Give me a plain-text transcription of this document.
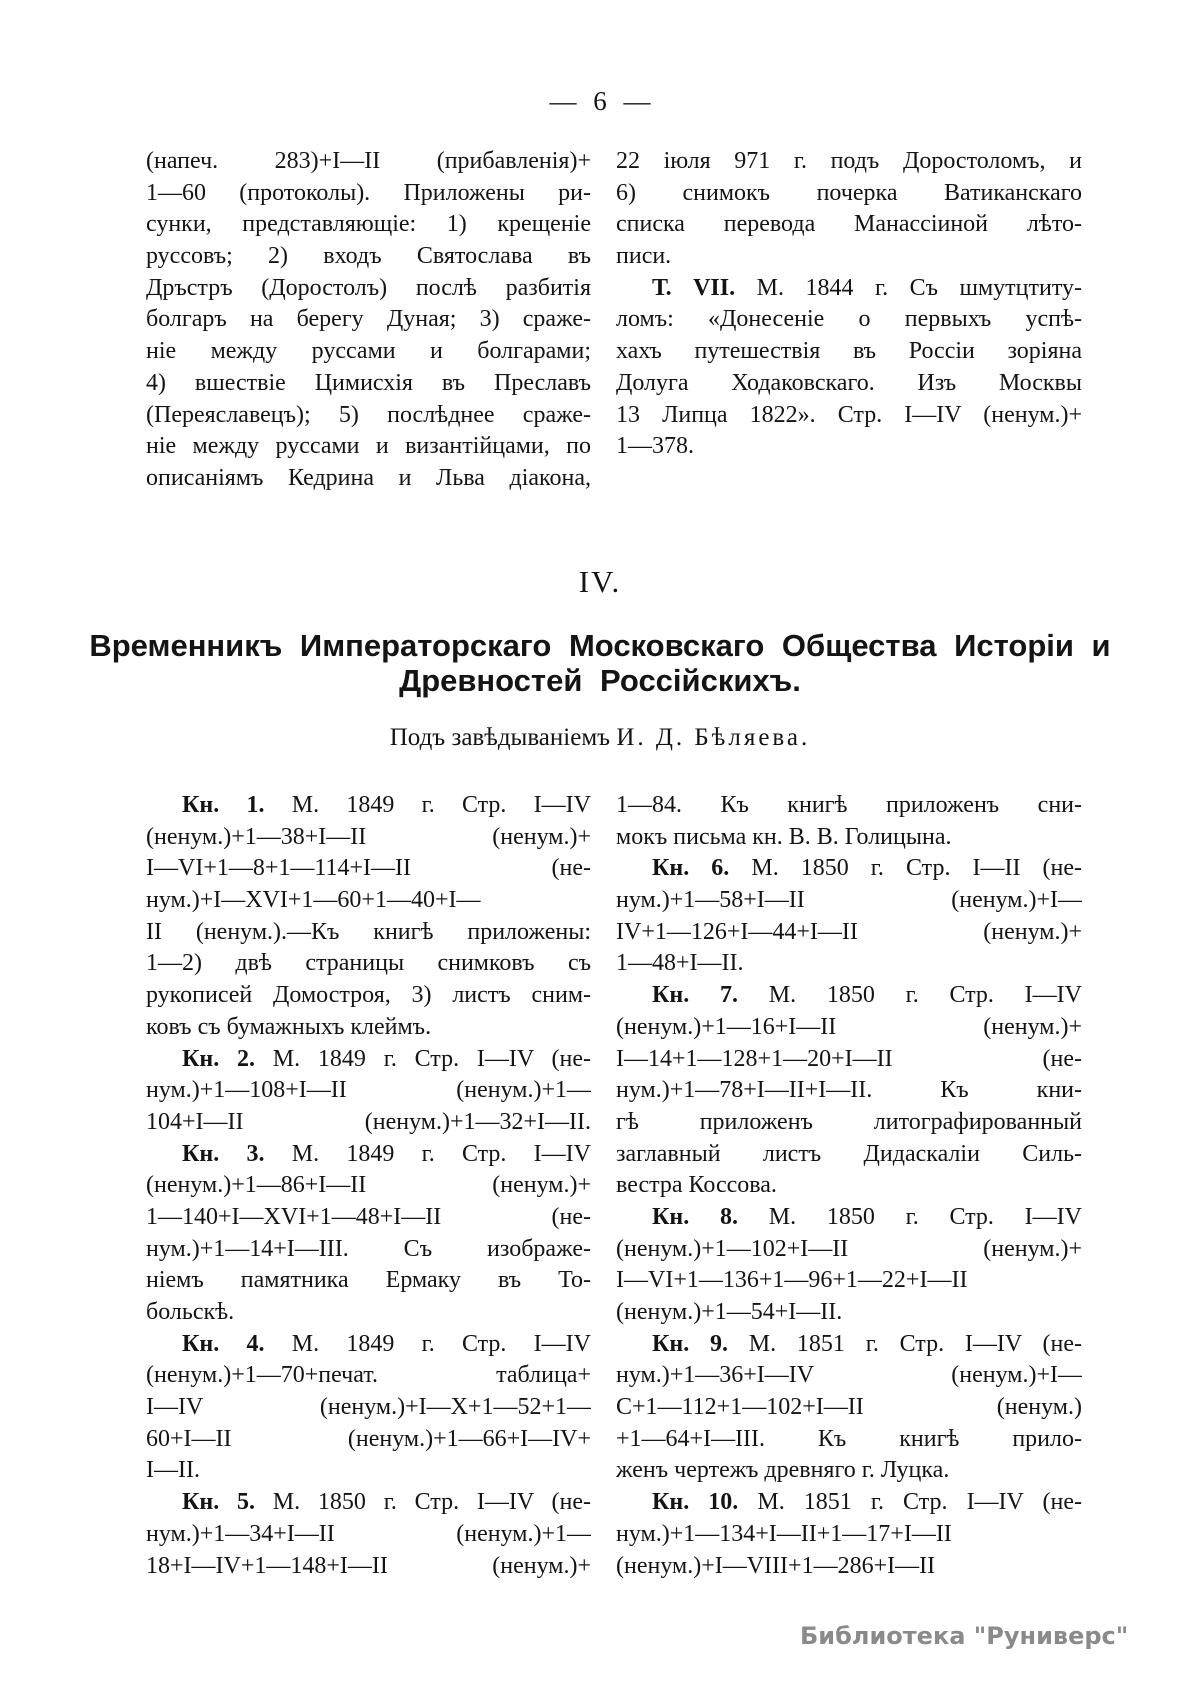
— 6 —
(напеч. 283)+I—II (прибавленія)+
1—60 (протоколы). Приложены ри-
сунки, представляющіе: 1) крещеніе
руссовъ; 2) входъ Святослава въ
Дръстръ (Доростолъ) послѣ разбитія
болгаръ на берегу Дуная; 3) сраже-
ніе между руссами и болгарами;
4) вшествіе Цимисхія въ Преславъ
(Переяславецъ); 5) послѣднее сраже-
ніе между руссами и византійцами, по
описаніямъ Кедрина и Льва діакона,
22 іюля 971 г. подъ Доростоломъ, и
6) снимокъ почерка Ватиканскаго
списка перевода Манассіиной лѣто-
писи.
Т. VII. М. 1844 г. Съ шмутцтиту-
ломъ: «Донесеніе о первыхъ успѣ-
хахъ путешествія въ Россіи зоріяна
Долуга Ходаковскаго. Изъ Москвы
13 Липца 1822». Стр. I—IV (ненум.)+
1—378.
IV.
Временникъ Императорскаго Московскаго Общества Исторіи и
Древностей Россійскихъ.
Подъ завѣдываніемъ И. Д. Бѣляева.
Кн. 1. М. 1849 г. Стр. I—IV
(ненум.)+1—38+I—II (ненум.)+
I—VI+1—8+1—114+I—II (не-
нум.)+I—XVI+1—60+1—40+I—
II (ненум.).—Къ книгѣ приложены:
1—2) двѣ страницы снимковъ съ
рукописей Домостроя, 3) листъ сним-
ковъ съ бумажныхъ клеймъ.
Кн. 2. М. 1849 г. Стр. I—IV (не-
нум.)+1—108+I—II (ненум.)+1—
104+I—II (ненум.)+1—32+I—II.
Кн. 3. М. 1849 г. Стр. I—IV
(ненум.)+1—86+I—II (ненум.)+
1—140+I—XVI+1—48+I—II (не-
нум.)+1—14+I—III. Съ изображе-
ніемъ памятника Ермаку въ То-
больскѣ.
Кн. 4. М. 1849 г. Стр. I—IV
(ненум.)+1—70+печат. таблица+
I—IV (ненум.)+I—X+1—52+1—
60+I—II (ненум.)+1—66+I—IV+
I—II.
Кн. 5. М. 1850 г. Стр. I—IV (не-
нум.)+1—34+I—II (ненум.)+1—
18+I—IV+1—148+I—II (ненум.)+
1—84. Къ книгѣ приложенъ сни-
мокъ письма кн. В. В. Голицына.
Кн. 6. М. 1850 г. Стр. I—II (не-
нум.)+1—58+I—II (ненум.)+I—
IV+1—126+I—44+I—II (ненум.)+
1—48+I—II.
Кн. 7. М. 1850 г. Стр. I—IV
(ненум.)+1—16+I—II (ненум.)+
I—14+1—128+1—20+I—II (не-
нум.)+1—78+I—II+I—II. Къ кни-
гѣ приложенъ литографированный
заглавный листъ Дидаскаліи Силь-
вестра Коссова.
Кн. 8. М. 1850 г. Стр. I—IV
(ненум.)+1—102+I—II (ненум.)+
I—VI+1—136+1—96+1—22+I—II
(ненум.)+1—54+I—II.
Кн. 9. М. 1851 г. Стр. I—IV (не-
нум.)+1—36+I—IV (ненум.)+I—
C+1—112+1—102+I—II (ненум.)
+1—64+I—III. Къ книгѣ прило-
женъ чертежъ древняго г. Луцка.
Кн. 10. М. 1851 г. Стр. I—IV (не-
нум.)+1—134+I—II+1—17+I—II
(ненум.)+I—VIII+1—286+I—II
Библиотека "Руниверс"
